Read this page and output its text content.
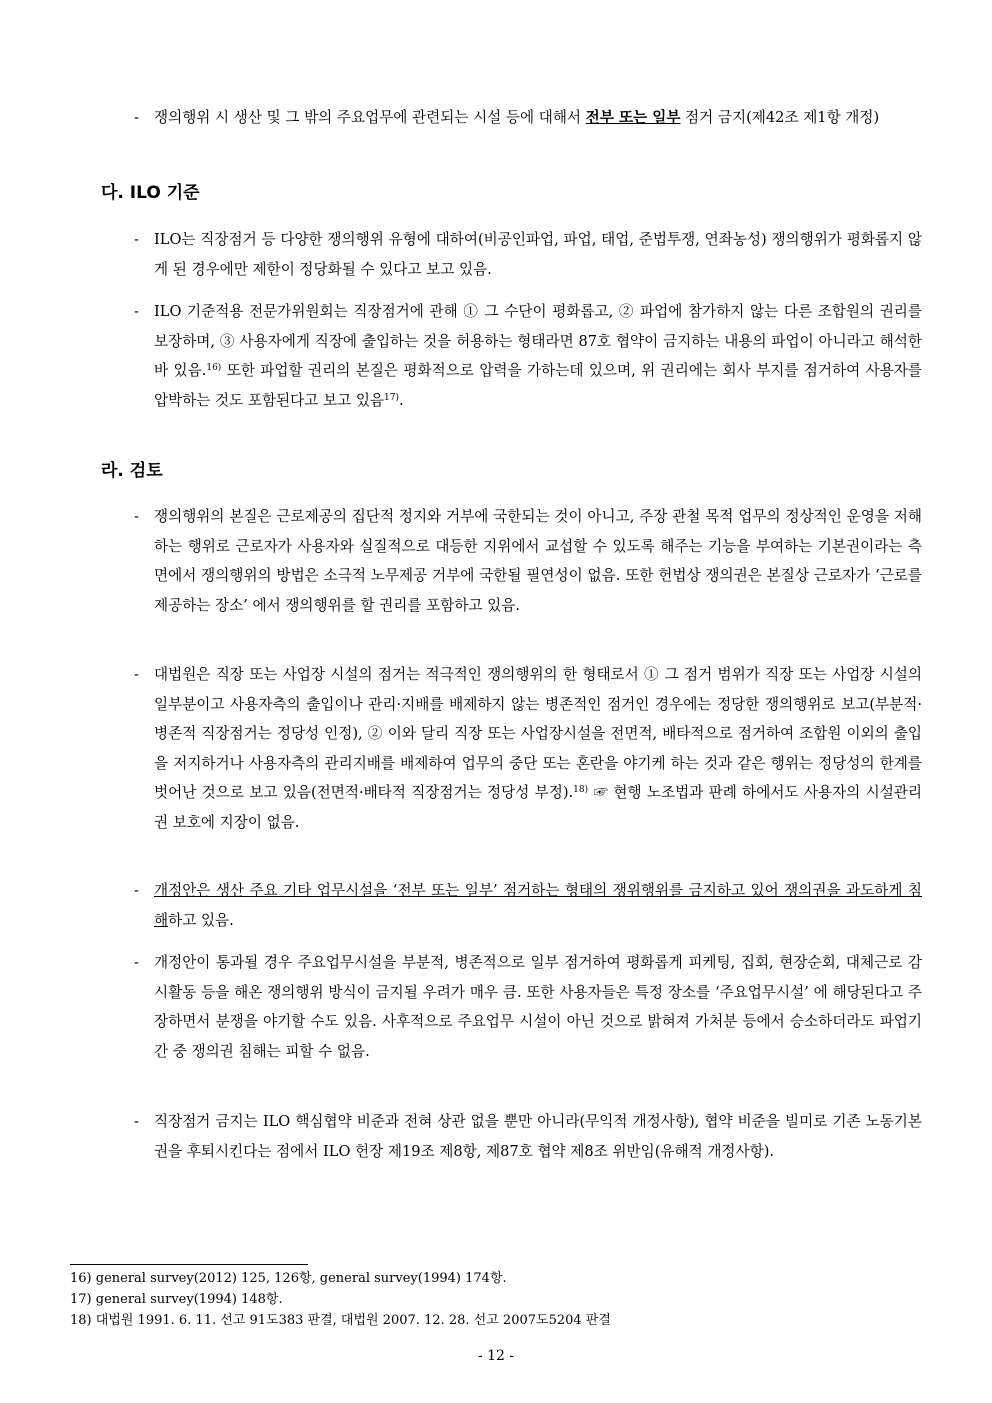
- 쟁의행위 시 생산 및 그 밖의 주요업무에 관련되는 시설 등에 대해서 전부 또는 일부 점거 금지(제42조 제1항 개정)
다. ILO 기준
- ILO는 직장점거 등 다양한 쟁의행위 유형에 대하여(비공인파업, 파업, 태업, 준법투쟁, 연좌농성) 쟁의행위가 평화롭지 않게 된 경우에만 제한이 정당화될 수 있다고 보고 있음.
- ILO 기준적용 전문가위원회는 직장점거에 관해 ① 그 수단이 평화롭고, ② 파업에 참가하지 않는 다른 조합원의 권리를 보장하며, ③ 사용자에게 직장에 출입하는 것을 허용하는 형태라면 87호 협약이 금지하는 내용의 파업이 아니라고 해석한 바 있음.$^{16)}$ 또한 파업할 권리의 본질은 평화적으로 압력을 가하는데 있으며, 위 권리에는 회사 부지를 점거하여 사용자를 압박하는 것도 포함된다고 보고 있음$^{17)}$.
라. 검토
- 쟁의행위의 본질은 근로제공의 집단적 정지와 거부에 국한되는 것이 아니고, 주장 관철 목적 업무의 정상적인 운영을 저해하는 행위로 근로자가 사용자와 실질적으로 대등한 지위에서 교섭할 수 있도록 해주는 기능을 부여하는 기본권이라는 측면에서 쟁의행위의 방법은 소극적 노무제공 거부에 국한될 필연성이 없음. 또한 헌법상 쟁의권은 본질상 근로자가 ‘근로를 제공하는 장소’ 에서 쟁의행위를 할 권리를 포함하고 있음.
- 대법원은 직장 또는 사업장 시설의 점거는 적극적인 쟁의행위의 한 형태로서 ① 그 점거 범위가 직장 또는 사업장 시설의 일부분이고 사용자측의 출입이나 관리·지배를 배제하지 않는 병존적인 점거인 경우에는 정당한 쟁의행위로 보고(부분적·병존적 직장점거는 정당성 인정), ② 이와 달리 직장 또는 사업장시설을 전면적, 배타적으로 점거하여 조합원 이외의 출입을 저지하거나 사용자측의 관리지배를 배제하여 업무의 중단 또는 혼란을 야기케 하는 것과 같은 행위는 정당성의 한계를 벗어난 것으로 보고 있음(전면적·배타적 직장점거는 정당성 부정).$^{18)}$ ☞ 현행 노조법과 판례 하에서도 사용자의 시설관리권 보호에 지장이 없음.
- 개정안은 생산 주요 기타 업무시설을 ‘전부 또는 일부’ 점거하는 형태의 쟁위행위를 금지하고 있어 쟁의권을 과도하게 침해하고 있음.
- 개정안이 통과될 경우 주요업무시설을 부분적, 병존적으로 일부 점거하여 평화롭게 피케팅, 집회, 현장순회, 대체근로 감시활동 등을 해온 쟁의행위 방식이 금지될 우려가 매우 큼. 또한 사용자들은 특정 장소를 ‘주요업무시설’ 에 해당된다고 주장하면서 분쟁을 야기할 수도 있음. 사후적으로 주요업무 시설이 아닌 것으로 밝혀져 가처분 등에서 승소하더라도 파업기간 중 쟁의권 침해는 피할 수 없음.
- 직장점거 금지는 ILO 핵심협약 비준과 전혀 상관 없을 뿐만 아니라(무익적 개정사항), 협약 비준을 빌미로 기존 노동기본권을 후퇴시킨다는 점에서 ILO 헌장 제19조 제8항, 제87호 협약 제8조 위반임(유해적 개정사항).
16) general survey(2012) 125, 126항, general survey(1994) 174항.
17) general survey(1994) 148항.
18) 대법원 1991. 6. 11. 선고 91도383 판결, 대법원 2007. 12. 28. 선고 2007도5204 판결
- 12 -
